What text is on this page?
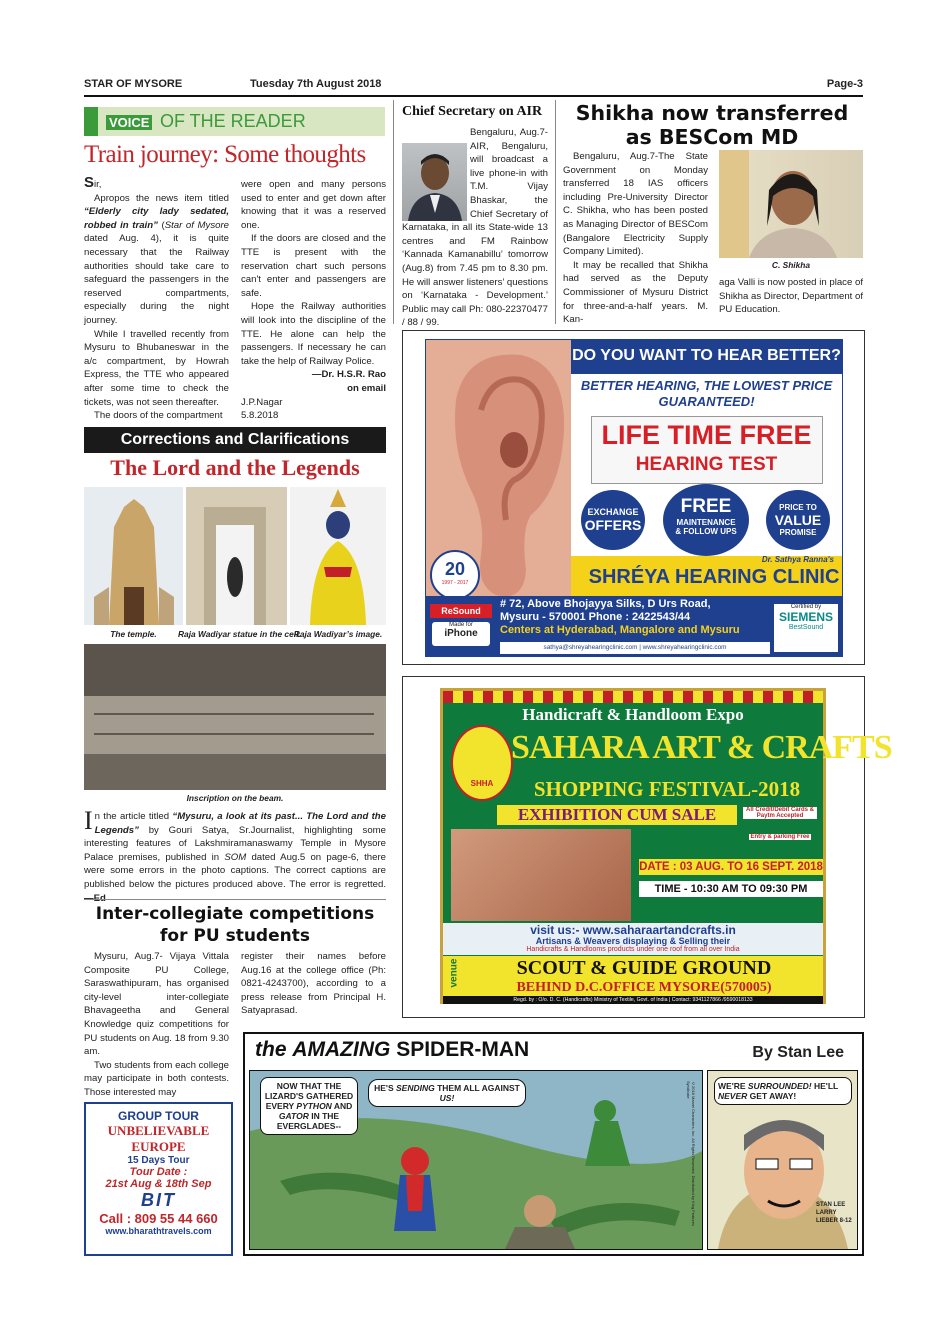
STAR OF MYSORE	Tuesday 7th August 2018	Page-3
VOICE OF THE READER
Train journey: Some thoughts

Sir,

Apropos the news item titled “Elderly city lady sedated, robbed in train” (Star of Mysore dated Aug. 4), it is quite necessary that the Railway authorities should take care to safeguard the passengers in the reserved compartments, especially during the night journey.

While I travelled recently from Mysuru to Bhubaneswar in the a/c compartment, by Howrah Express, the TTE who appeared after some time to check the tickets, was not seen thereafter.

The doors of the compartment

were open and many persons used to enter and get down after knowing that it was a reserved one.

If the doors are closed and the TTE is present with the reservation chart such persons can't enter and passengers are safe.

Hope the Railway authorities will look into the discipline of the TTE. He alone can help the passengers. If necessary he can take the help of Railway Police.

—Dr. H.S.R. Rao
on email
J.P.Nagar
5.8.2018
Chief Secretary on AIR
Bengaluru, Aug.7- AIR, Bengaluru, will broadcast a live phone-in with T.M. Vijay Bhaskar, the Chief Secretary of Karnataka, in all its State-wide 13 centres and FM Rainbow ‘Kannada Kamanabillu’ tomorrow (Aug.8) from 7.45 pm to 8.30 pm. He will answer listeners’ questions on ‘Karnataka - Development.’ Public may call Ph: 080-22370477 / 88 / 99.
Shikha now transferred
as BESCom MD

Bengaluru, Aug.7-The State Government on Monday transferred 18 IAS officers including Pre-University Director C. Shikha, who has been posted as Managing Director of BESCom (Bangalore Electricity Supply Company Limited).

It may be recalled that Shikha had served as the Deputy Commissioner of Mysuru District for three-and-a-half years. M. Kan-

C. Shikha
aga Valli is now posted in place of Shikha as Director, Department of PU Education.
DO YOU WANT TO HEAR BETTER?
BETTER HEARING, THE LOWEST PRICE
GUARANTEED!
LIFE TIME FREE
HEARING TEST
EXCHANGE
OFFERS
FREE
MAINTENANCE
& FOLLOW UPS
PRICE TO
VALUE
PROMISE
Dr. Sathya Ranna's
SHRÉYA HEARING CLINIC
20
1997 - 2017
ReSound
Made for
iPhone
# 72, Above Bhojayya Silks, D Urs Road,
Mysuru - 570001 Phone : 2422543/44
Centers at Hyderabad, Mangalore and Mysuru
sathya@shreyahearingclinic.com | www.shreyahearingclinic.com
Certified by
SIEMENS
BestSound
Corrections and Clarifications
The Lord and the Legends
The temple.	Raja Wadiyar statue in the cell.
Raja Wadiyar’s image.
Inscription on the beam.

In the article titled “Mysuru, a look at its past... The Lord and the Legends” by Gouri Satya, Sr.Journalist, highlighting some interesting features of Lakshmiramanaswamy Temple in Mysore Palace premises, published in SOM dated Aug.5 on page-6, there were some errors in the photo captions. The correct captions are published below the pictures produced above. The error is regretted.

Inter-collegiate competitions
for PU students

Mysuru, Aug.7- Vijaya Vittala Composite PU College, Saraswathipuram, has organised city-level inter-collegiate Bhavageetha and General Knowledge quiz competitions for PU students on Aug. 18 from 9.30 am.

Two students from each college may participate in both contests. Those interested may

register their names before Aug.16 at the college office (Ph: 0821-4243700), according to a press release from Principal H. Satyaprasad.

GROUP TOUR
UNBELIEVABLE
EUROPE
15 Days Tour
Tour Date :
21st Aug & 18th Sep
BIT
Call : 809 55 44 660
www.bharathtravels.com
Handicraft & Handloom Expo
SHHA
SAHARA ART & CRAFTS
SHOPPING FESTIVAL-2018
EXHIBITION CUM SALE	All Credit/Debit Cards & Paytm Accepted
Entry & parking Free
DATE : 03 AUG. TO 16 SEPT. 2018
TIME - 10:30 AM TO 09:30 PM
visit us:- www.saharaartandcrafts.in
Artisans & Weavers displaying & Selling their
Handicrafts & Handlooms products under one roof from all over India
venue	SCOUT & GUIDE GROUND
BEHIND D.C.OFFICE MYSORE(570005)
Regd. by : O/o. D. C. (Handicrafts) Ministry of Textile, Govt. of India | Contact: 9341127866 /9590018133
the AMAZING SPIDER-MAN	By Stan Lee
NOW THAT THE LIZARD'S GATHERED EVERY PYTHON AND GATOR IN THE EVERGLADES--
HE'S SENDING THEM ALL AGAINST US!	©2018 Marvel Characters, Inc. All Rights Reserved. Distributed by King Features Syndicate	WE'RE SURROUNDED! HE'LL NEVER GET AWAY!
STAN LEE LARRY LIEBER 8-12
